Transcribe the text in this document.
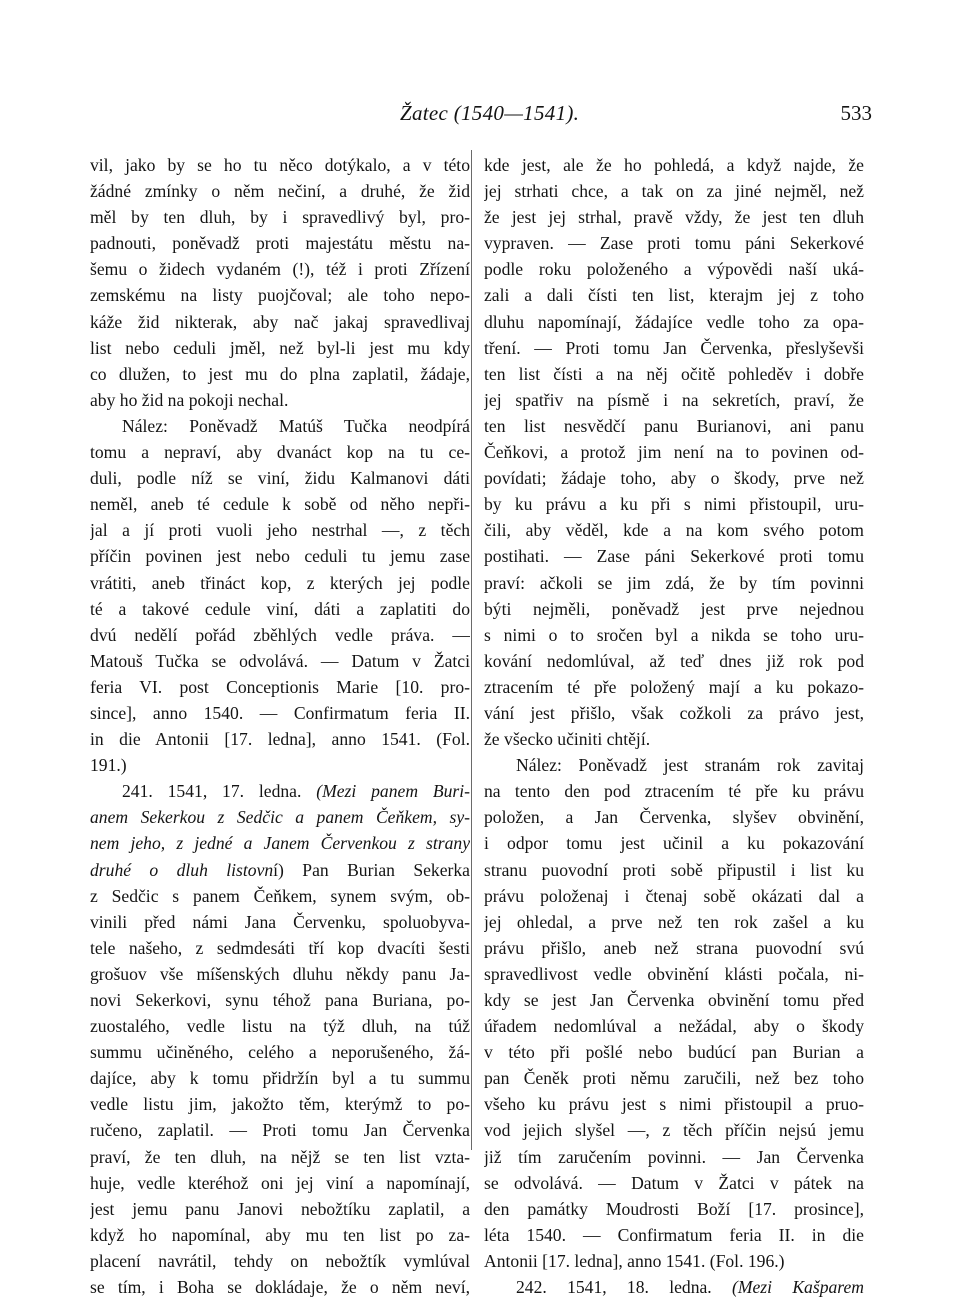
Žatec (1540—1541).	533
vil, jako by se ho tu něco dotýkalo, a v této
žádné zmínky o něm nečiní, a druhé, že žid
měl by ten dluh, by i spravedlivý byl, pro-
padnouti, poněvadž proti majestátu městu na-
šemu o židech vydaném (!), též i proti Zřízení
zemskému na listy puojčoval; ale toho nepo-
káže žid nikterak, aby nač jakaj spravedlivaj
list nebo ceduli jměl, než byl-li jest mu kdy
co dlužen, to jest mu do plna zaplatil, žádaje,
aby ho žid na pokoji nechal.
Nález: Poněvadž Matúš Tučka neodpírá
tomu a nepraví, aby dvanáct kop na tu ce-
duli, podle níž se viní, židu Kalmanovi dáti
neměl, aneb té cedule k sobě od něho nepři-
jal a jí proti vuoli jeho nestrhal —, z těch
příčin povinen jest nebo ceduli tu jemu zase
vrátiti, aneb třináct kop, z kterých jej podle
té a takové cedule viní, dáti a zaplatiti do
dvú nedělí pořád zběhlých vedle práva. —
Matouš Tučka se odvolává. — Datum v Žatci
feria VI. post Conceptionis Marie [10. pro-
since], anno 1540. — Confirmatum feria II.
in die Antonii [17. ledna], anno 1541. (Fol.
191.)
241. 1541, 17. ledna. (Mezi panem Buri-
anem Sekerkou z Sedčic a panem Čeňkem, sy-
nem jeho, z jedné a Janem Červenkou z strany
druhé o dluh listovní) Pan Burian Sekerka
z Sedčic s panem Čeňkem, synem svým, ob-
vinili před námi Jana Červenku, spoluobyva-
tele našeho, z sedmdesáti tří kop dvacíti šesti
grošuov vše míšenských dluhu někdy panu Ja-
novi Sekerkovi, synu téhož pana Buriana, po-
zuostalého, vedle listu na týž dluh, na túž
summu učiněného, celého a neporušeného, žá-
dajíce, aby k tomu přidržín byl a tu summu
vedle listu jim, jakožto těm, kterýmž to po-
ručeno, zaplatil. — Proti tomu Jan Červenka
praví, že ten dluh, na nějž se ten list vzta-
huje, vedle kteréhož oni jej viní a napomínají,
jest jemu panu Janovi nebožtíku zaplatil, a
když ho napomínal, aby mu ten list po za-
placení navrátil, tehdy on nebožtík vymlúval
se tím, i Boha se dokládaje, že o něm neví,
kde jest, ale že ho pohledá, a když najde, že
jej strhati chce, a tak on za jiné nejměl, než
že jest jej strhal, pravě vždy, že jest ten dluh
vypraven. — Zase proti tomu páni Sekerkové
podle roku položeného a výpovědi naší uká-
zali a dali čísti ten list, kterajm jej z toho
dluhu napomínají, žádajíce vedle toho za opa-
tření. — Proti tomu Jan Červenka, přeslyševši
ten list čísti a na něj očitě pohleděv i dobře
jej spatřiv na písmě i na sekretích, praví, že
ten list nesvědčí panu Burianovi, ani panu
Čeňkovi, a protož jim není na to povinen od-
povídati; žádaje toho, aby o škody, prve než
by ku právu a ku při s nimi přistoupil, uru-
čili, aby věděl, kde a na kom svého potom
postihati. — Zase páni Sekerkové proti tomu
praví: ačkoli se jim zdá, že by tím povinni
býti nejměli, poněvadž jest prve nejednou
s nimi o to sročen byl a nikda se toho uru-
kování nedomlúval, až teď dnes již rok pod
ztracením té pře položený mají a ku pokazo-
vání jest přišlo, však cožkoli za právo jest,
že všecko učiniti chtějí.
Nález: Poněvadž jest stranám rok zavitaj
na tento den pod ztracením té pře ku právu
položen, a Jan Červenka, slyšev obvinění,
i odpor tomu jest učinil a ku pokazování
stranu puovodní proti sobě připustil i list ku
právu položenaj i čtenaj sobě okázati dal a
jej ohledal, a prve než ten rok zašel a ku
právu přišlo, aneb než strana puovodní svú
spravedlivost vedle obvinění klásti počala, ni-
kdy se jest Jan Červenka obvinění tomu před
úřadem nedomlúval a nežádal, aby o škody
v této při pošlé nebo budúcí pan Burian a
pan Čeněk proti němu zaručili, než bez toho
všeho ku právu jest s nimi přistoupil a pruo-
vod jejich slyšel —, z těch příčin nejsú jemu
již tím zaručením povinni. — Jan Červenka
se odvolává. — Datum v Žatci v pátek na
den památky Moudrosti Boží [17. prosince],
léta 1540. — Confirmatum feria II. in die
Antonii [17. ledna], anno 1541. (Fol. 196.)
242. 1541, 18. ledna. (Mezi Kašparem
